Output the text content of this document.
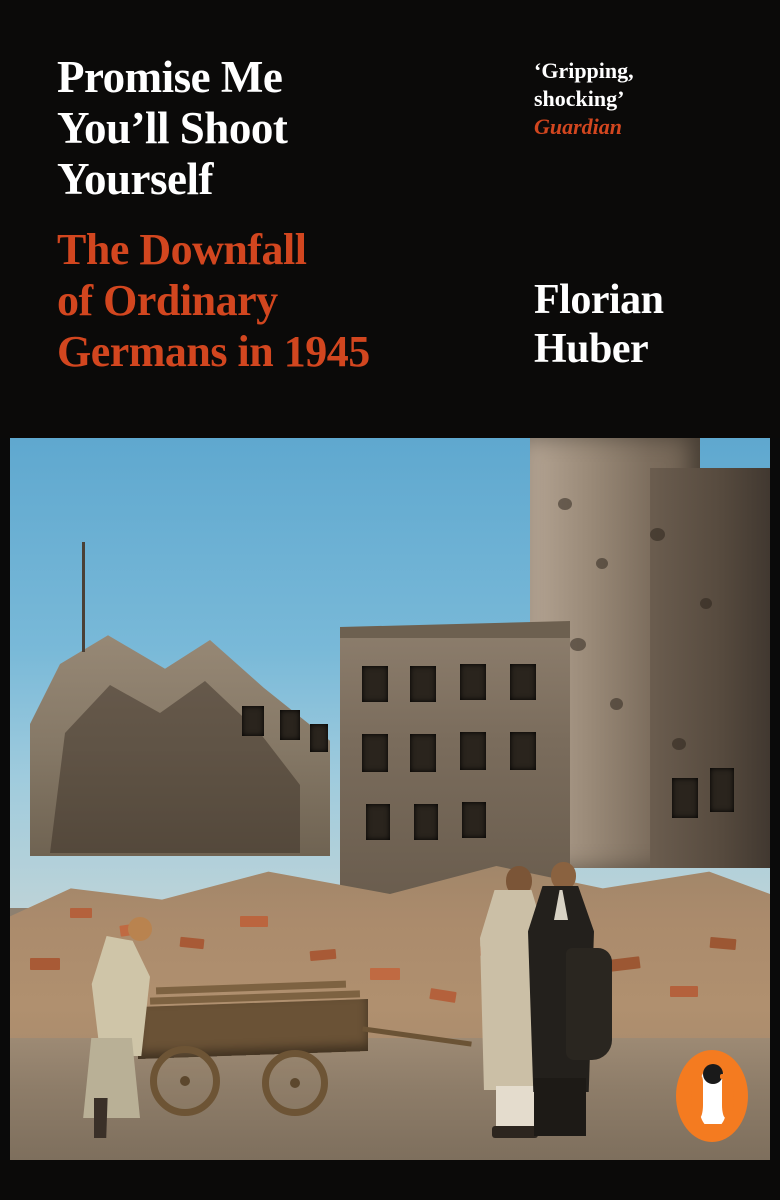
Promise Me
You’ll Shoot
Yourself
The Downfall
of Ordinary
Germans in 1945
Florian
Huber
‘Gripping,
shocking’
Guardian
